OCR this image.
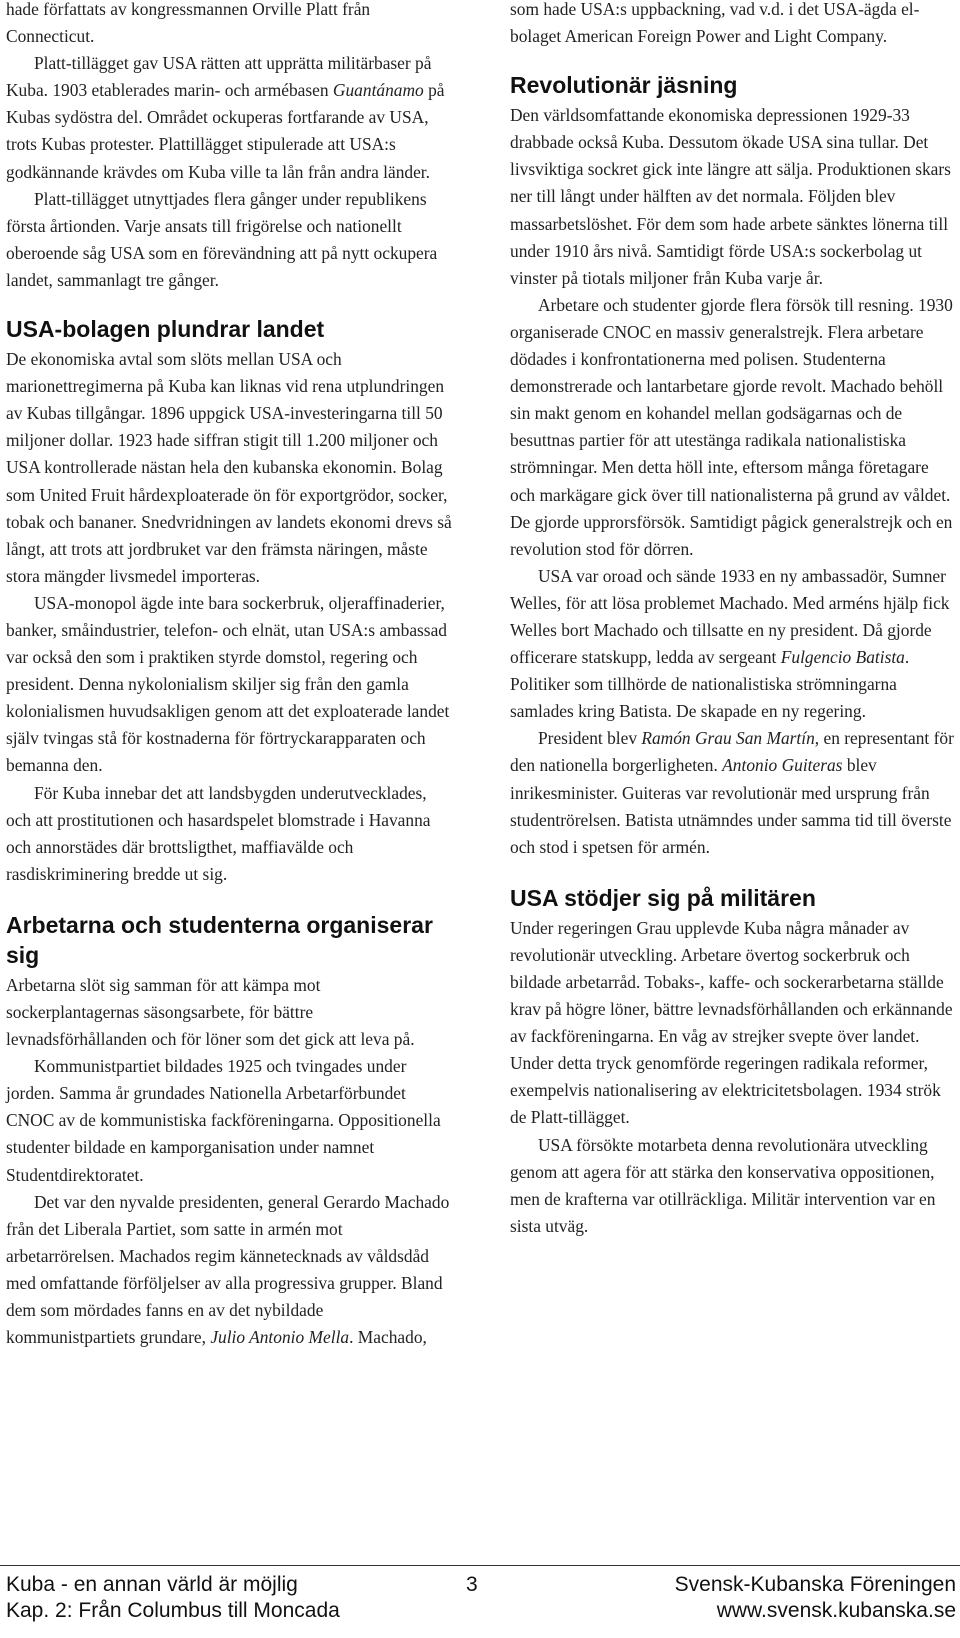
hade författats av kongressmannen Orville Platt från Connecticut.

Platt-tillägget gav USA rätten att upprätta militärbaser på Kuba. 1903 etablerades marin- och armébasen Guantánamo på Kubas sydöstra del. Området ockuperas fortfarande av USA, trots Kubas protester. Plattillägget stipulerade att USA:s godkännande krävdes om Kuba ville ta lån från andra länder.

Platt-tillägget utnyttjades flera gånger under republikens första årtionden. Varje ansats till frigörelse och nationellt oberoende såg USA som en förevändning att på nytt ockupera landet, sammanlagt tre gånger.

USA-bolagen plundrar landet

De ekonomiska avtal som slöts mellan USA och marionettregimerna på Kuba kan liknas vid rena utplundringen av Kubas tillgångar. 1896 uppgick USA-investeringarna till 50 miljoner dollar. 1923 hade siffran stigit till 1.200 miljoner och USA kontrollerade nästan hela den kubanska ekonomin. Bolag som United Fruit hårdexploaterade ön för exportgrödor, socker, tobak och bananer. Snedvridningen av landets ekonomi drevs så långt, att trots att jordbruket var den främsta näringen, måste stora mängder livsmedel importeras.

USA-monopol ägde inte bara sockerbruk, oljeraffinaderier, banker, småindustrier, telefon- och elnät, utan USA:s ambassad var också den som i praktiken styrde domstol, regering och president. Denna nykolonialism skiljer sig från den gamla kolonialismen huvudsakligen genom att det exploaterade landet själv tvingas stå för kostnaderna för förtryckarapparaten och bemanna den.

För Kuba innebar det att landsbygden underutvecklades, och att prostitutionen och hasardspelet blomstrade i Havanna och annorstädes där brottsligthet, maffiavälde och rasdiskriminering bredde ut sig.

Arbetarna och studenterna organiserar sig

Arbetarna slöt sig samman för att kämpa mot sockerplantagernas säsongsarbete, för bättre levnadsförhållanden och för löner som det gick att leva på.

Kommunistpartiet bildades 1925 och tvingades under jorden. Samma år grundades Nationella Arbetarförbundet CNOC av de kommunistiska fackföreningarna. Oppositionella studenter bildade en kamporganisation under namnet Studentdirektoratet.

Det var den nyvalde presidenten, general Gerardo Machado från det Liberala Partiet, som satte in armén mot arbetarrörelsen. Machados regim kännetecknads av våldsdåd med omfattande förföljelser av alla progressiva grupper. Bland dem som mördades fanns en av det nybildade kommunistpartiets grundare, Julio Antonio Mella. Machado,

som hade USA:s uppbackning, vad v.d. i det USA-ägda el-bolaget American Foreign Power and Light Company.

Revolutionär jäsning

Den världsomfattande ekonomiska depressionen 1929-33 drabbade också Kuba. Dessutom ökade USA sina tullar. Det livsviktiga sockret gick inte längre att sälja. Produktionen skars ner till långt under hälften av det normala. Följden blev massarbetslöshet. För dem som hade arbete sänktes lönerna till under 1910 års nivå. Samtidigt förde USA:s sockerbolag ut vinster på tiotals miljoner från Kuba varje år.

Arbetare och studenter gjorde flera försök till resning. 1930 organiserade CNOC en massiv generalstrejk. Flera arbetare dödades i konfrontationerna med polisen. Studenterna demonstrerade och lantarbetare gjorde revolt. Machado behöll sin makt genom en kohandel mellan godsägarnas och de besuttnas partier för att utestänga radikala nationalistiska strömningar. Men detta höll inte, eftersom många företagare och markägare gick över till nationalisterna på grund av våldet. De gjorde upprorsförsök. Samtidigt pågick generalstrejk och en revolution stod för dörren.

USA var oroad och sände 1933 en ny ambassadör, Sumner Welles, för att lösa problemet Machado. Med arméns hjälp fick Welles bort Machado och tillsatte en ny president. Då gjorde officerare statskupp, ledda av sergeant Fulgencio Batista. Politiker som tillhörde de nationalistiska strömningarna samlades kring Batista. De skapade en ny regering.

President blev Ramón Grau San Martín, en representant för den nationella borgerligheten. Antonio Guiteras blev inrikesminister. Guiteras var revolutionär med ursprung från studentrörelsen. Batista utnämndes under samma tid till överste och stod i spetsen för armén.

USA stödjer sig på militären

Under regeringen Grau upplevde Kuba några månader av revolutionär utveckling. Arbetare övertog sockerbruk och bildade arbetarråd. Tobaks-, kaffe- och sockerarbetarna ställde krav på högre löner, bättre levnadsförhållanden och erkännande av fackföreningarna. En våg av strejker svepte över landet. Under detta tryck genomförde regeringen radikala reformer, exempelvis nationalisering av elektricitetsbolagen. 1934 strök de Platt-tillägget.

USA försökte motarbeta denna revolutionära utveckling genom att agera för att stärka den konservativa oppositionen, men de krafterna var otillräckliga. Militär intervention var en sista utväg.

Kuba - en annan värld är möjlig
Kap. 2: Från Columbus till Moncada
3	Svensk-Kubanska Föreningen
www.svensk.kubanska.se
